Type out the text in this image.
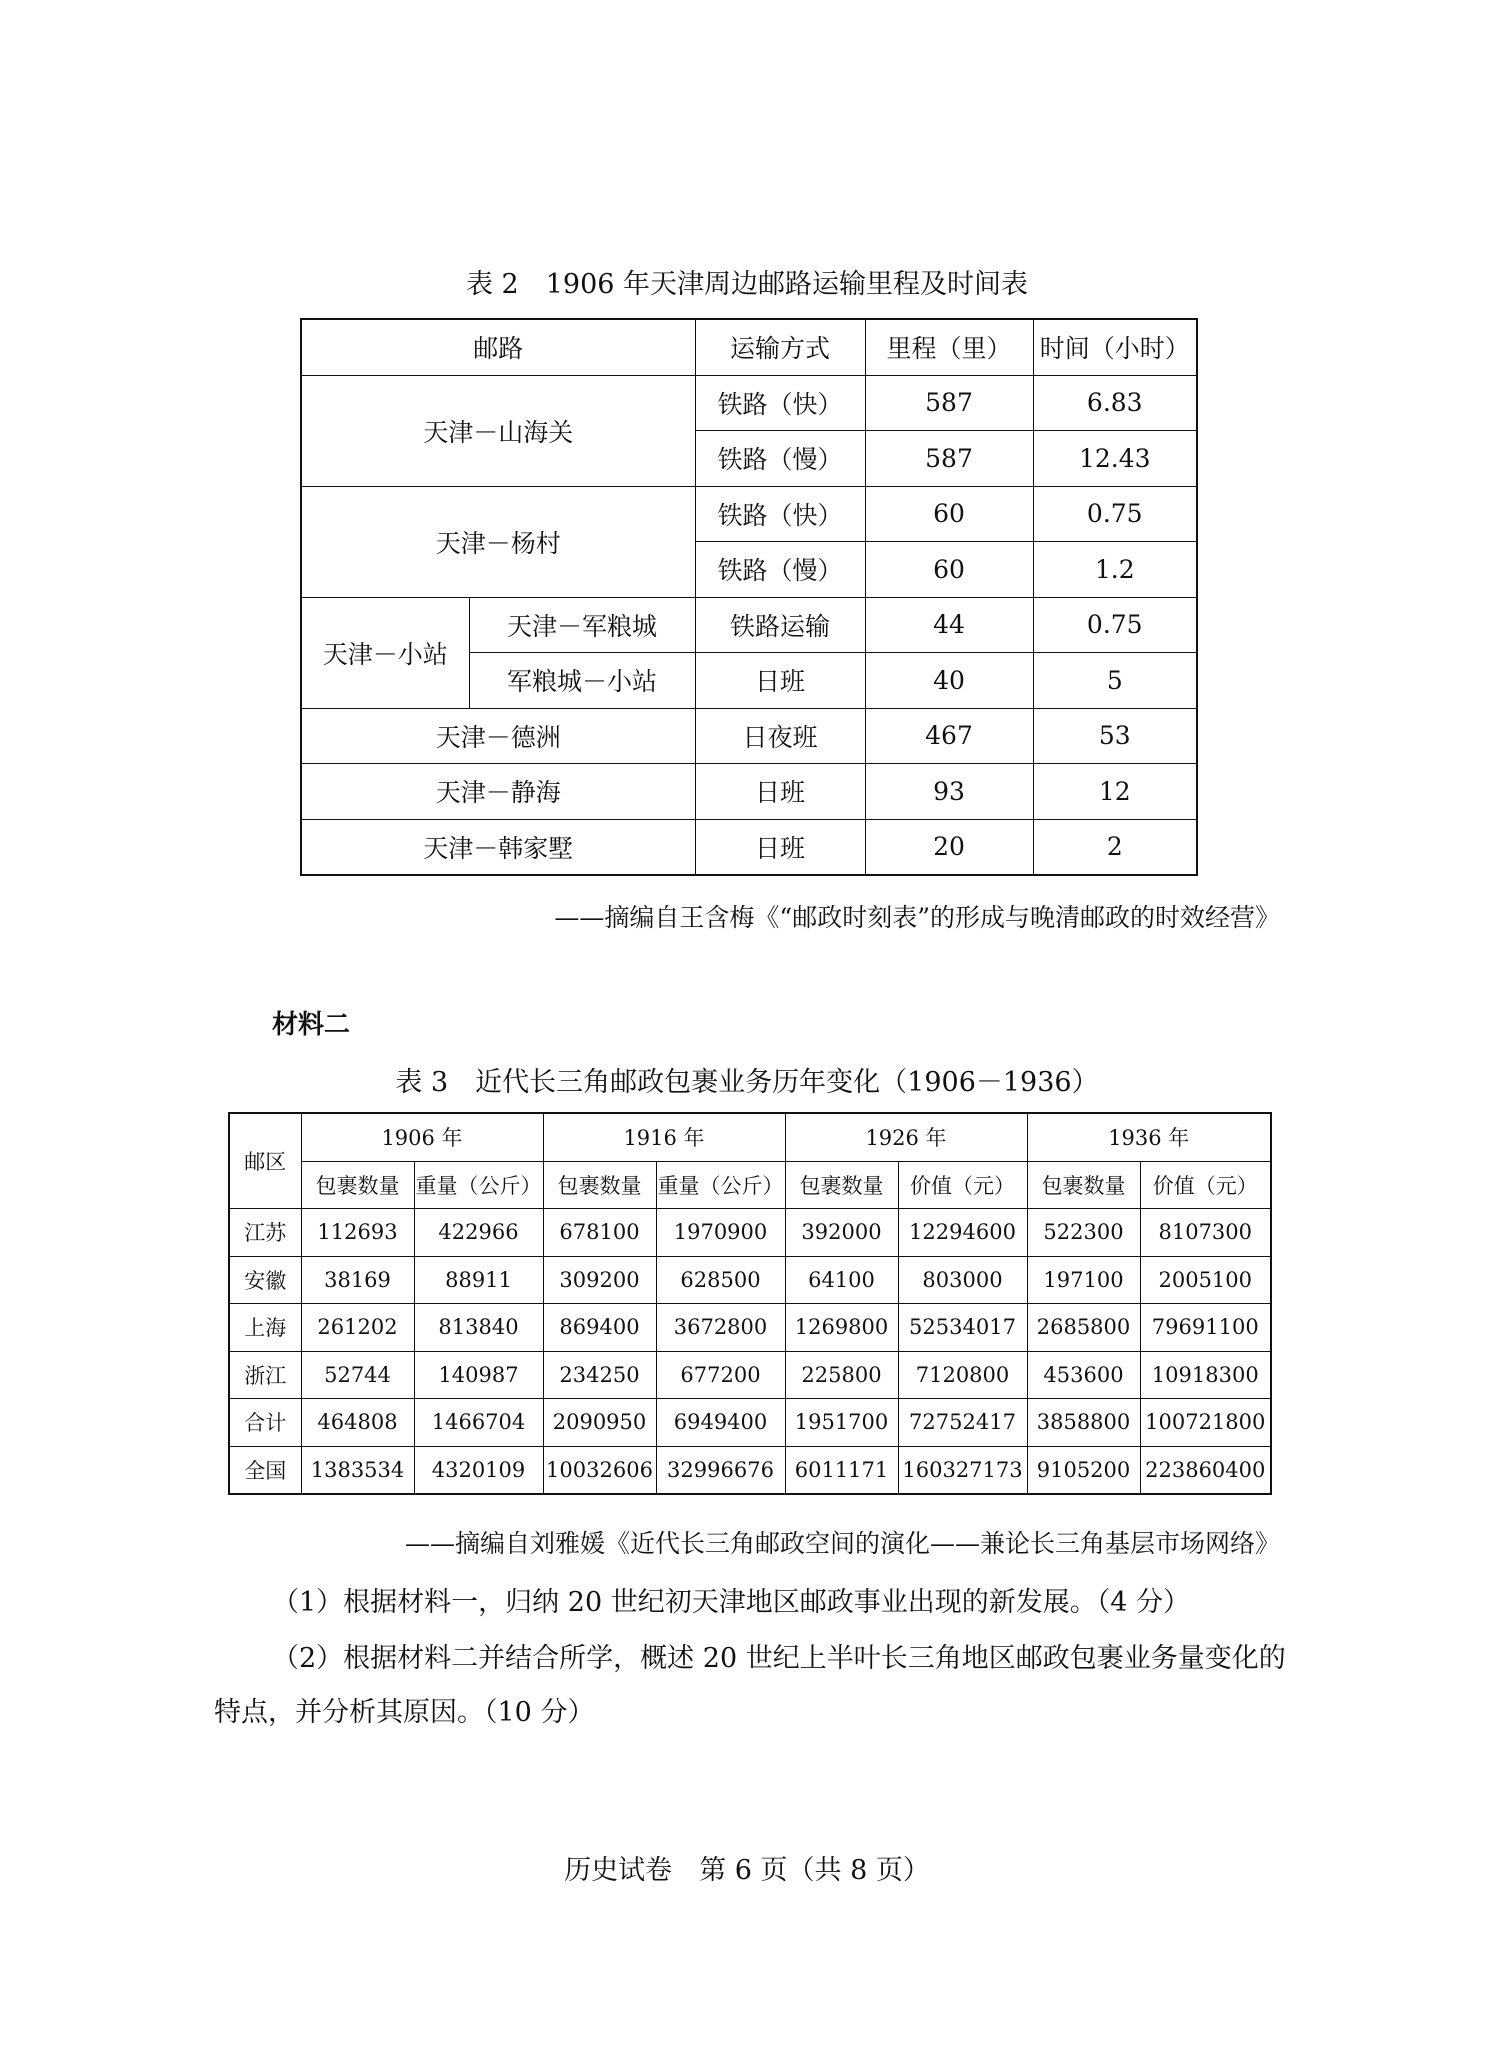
表 2　1906 年天津周边邮路运输里程及时间表
邮路		运输方式	里程（里）	时间（小时）
天津－山海关		铁路（快）	587	6.83
		铁路（慢）	587	12.43
天津－杨村		铁路（快）	60	0.75
		铁路（慢）	60	1.2
天津－小站	天津－军粮城	铁路运输	44	0.75
	军粮城－小站	日班	40	5
天津－德洲		日夜班	467	53
天津－静海		日班	93	12
天津－韩家墅		日班	20	2
——摘编自王含梅《“邮政时刻表”的形成与晚清邮政的时效经营》
材料二
表 3　近代长三角邮政包裹业务历年变化（1906－1936）
邮区	1906 年		1916 年		1926 年		1936 年	
	包裹数量	重量（公斤）	包裹数量	重量（公斤）	包裹数量	价值（元）	包裹数量	价值（元）
江苏	112693	422966	678100	1970900	392000	12294600	522300	8107300
安徽	38169	88911	309200	628500	64100	803000	197100	2005100
上海	261202	813840	869400	3672800	1269800	52534017	2685800	79691100
浙江	52744	140987	234250	677200	225800	7120800	453600	10918300
合计	464808	1466704	2090950	6949400	1951700	72752417	3858800	100721800
全国	1383534	4320109	10032606	32996676	6011171	160327173	9105200	223860400
——摘编自刘雅媛《近代长三角邮政空间的演化——兼论长三角基层市场网络》
（1）根据材料一，归纳 20 世纪初天津地区邮政事业出现的新发展。（4 分）
（2）根据材料二并结合所学，概述 20 世纪上半叶长三角地区邮政包裹业务量变化的
特点，并分析其原因。（10 分）
历史试卷　第 6 页（共 8 页）
